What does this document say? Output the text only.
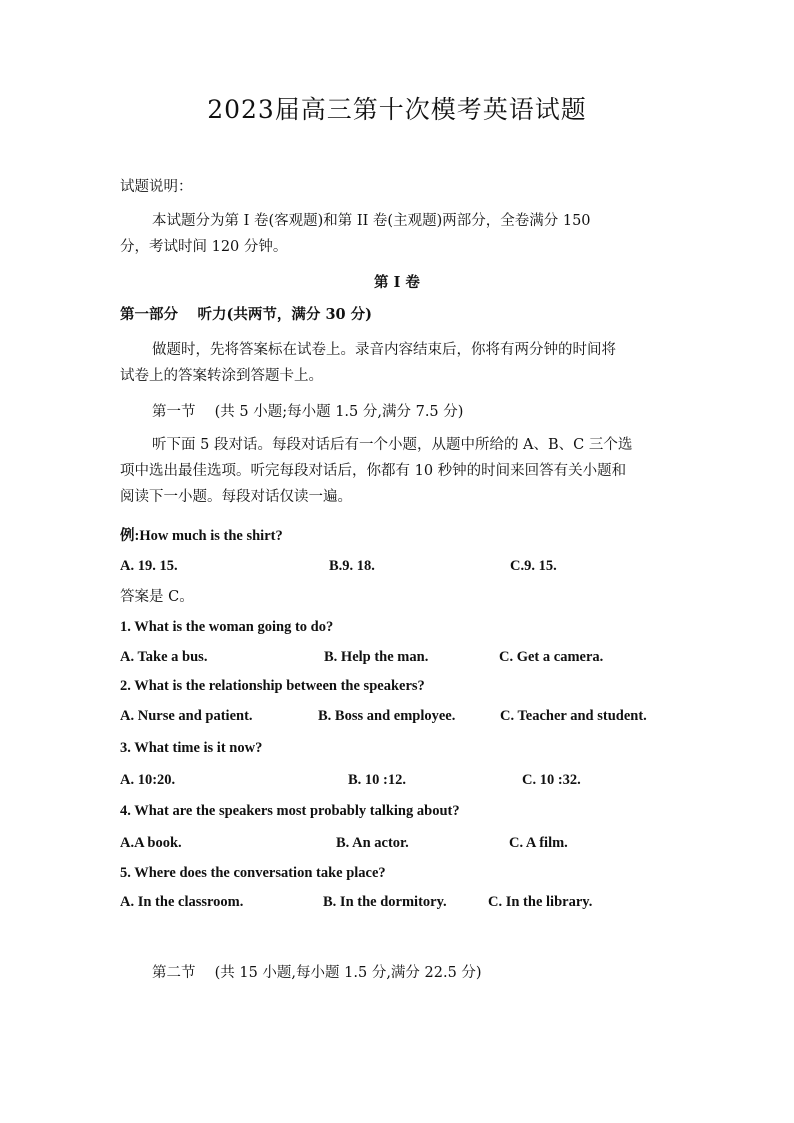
2023届高三第十次模考英语试题
试题说明：
本试题分为第 I 卷(客观题)和第 II 卷(主观题)两部分，全卷满分 150
分，考试时间 120 分钟。
第 I 卷
第一部分　 听力(共两节，满分 30 分)
做题时，先将答案标在试卷上。录音内容结束后，你将有两分钟的时间将
试卷上的答案转涂到答题卡上。
第一节　 (共 5 小题;每小题 1.5 分,满分 7.5 分)
听下面 5 段对话。每段对话后有一个小题，从题中所给的 A、B、C 三个选
项中选出最佳选项。听完每段对话后，你都有 10 秒钟的时间来回答有关小题和
阅读下一小题。每段对话仅读一遍。
例:How much is the shirt?
A. 19. 15.	B.9. 18.	C.9. 15.
答案是 C。
1. What is the woman going to do?
A. Take a bus.	B. Help the man.	C. Get a camera.
2. What is the relationship between the speakers?
A. Nurse and patient.	B. Boss and employee.	C. Teacher and student.
3. What time is it now?
A. 10:20.	B. 10 :12.	C. 10 :32.
4. What are the speakers most probably talking about?
A.A book.	B. An actor.	C. A film.
5. Where does the conversation take place?
A. In the classroom.	B. In the dormitory.	C. In the library.
第二节　 (共 15 小题,每小题 1.5 分,满分 22.5 分)
